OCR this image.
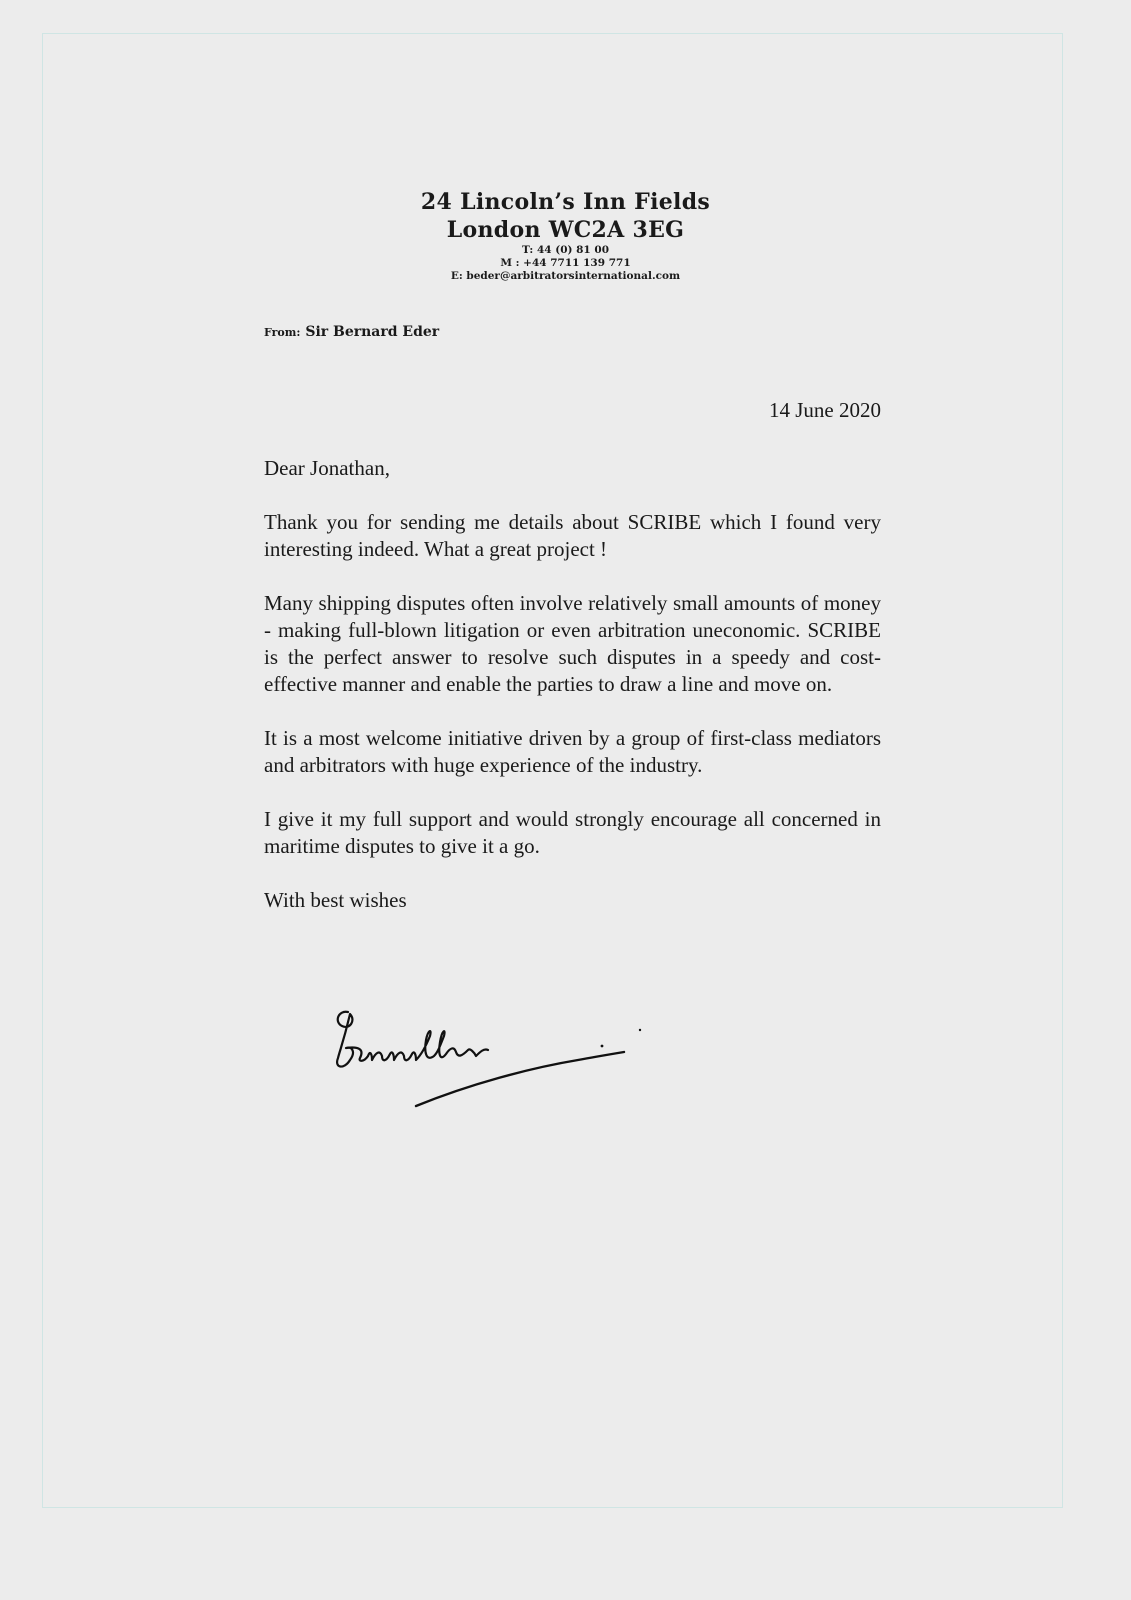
24 Lincoln’s Inn Fields
London WC2A 3EG
T: 44 (0) 81 00
M : +44 7711 139 771
E: beder@arbitratorsinternational.com
From: Sir Bernard Eder
14 June 2020

Dear Jonathan,

Thank you for sending me details about SCRIBE which I found very interesting indeed. What a great project !

Many shipping disputes often involve relatively small amounts of money - making full-blown litigation or even arbitration uneconomic. SCRIBE is the perfect answer to resolve such disputes in a speedy and cost-effective manner and enable the parties to draw a line and move on.

It is a most welcome initiative driven by a group of first-class mediators and arbitrators with huge experience of the industry.

I give it my full support and would strongly encourage all concerned in maritime disputes to give it a go.

With best wishes
